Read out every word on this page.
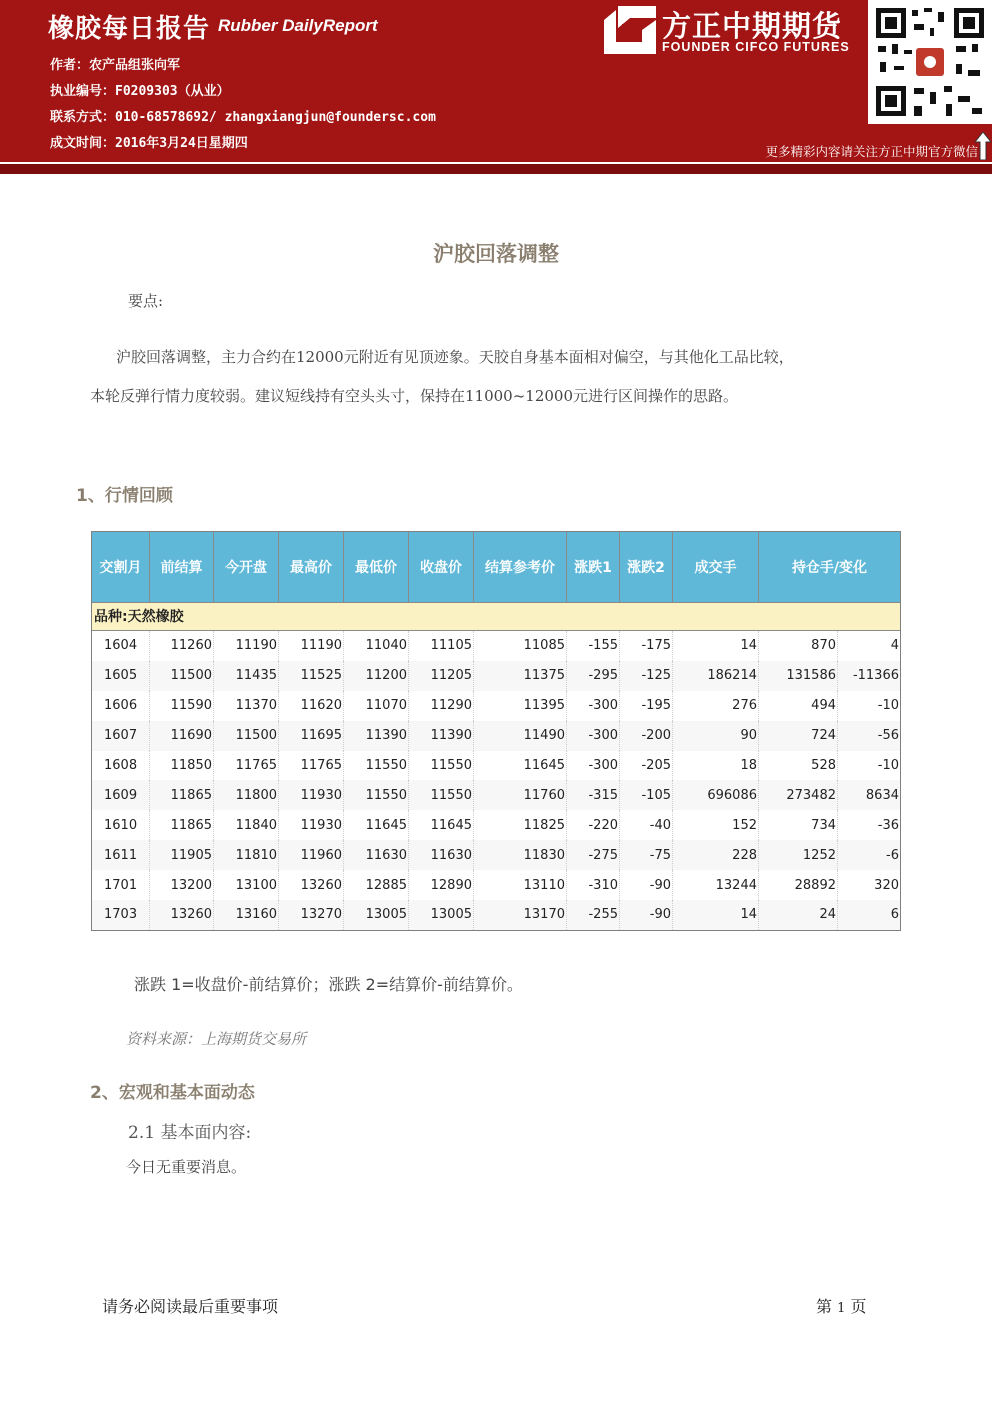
橡胶每日报告 Rubber DailyReport
作者：农产品组张向军
执业编号：F0209303（从业）
联系方式：010-68578692/ zhangxiangjun@foundersc.com
成文时间：2016年3月24日星期四
方正中期期货
FOUNDER CIFCO FUTURES
更多精彩内容请关注方正中期官方微信
沪胶回落调整
要点:
沪胶回落调整，主力合约在12000元附近有见顶迹象。天胶自身基本面相对偏空，与其他化工品比较，
本轮反弹行情力度较弱。建议短线持有空头头寸，保持在11000~12000元进行区间操作的思路。
1、行情回顾
交割月	前结算	今开盘	最高价	最低价	收盘价	结算参考价	涨跌1	涨跌2	成交手	持仓手/变化
品种:天然橡胶
1604	11260	11190	11190	11040	11105	11085	-155	-175	14	870	4
1605	11500	11435	11525	11200	11205	11375	-295	-125	186214	131586	-11366
1606	11590	11370	11620	11070	11290	11395	-300	-195	276	494	-10
1607	11690	11500	11695	11390	11390	11490	-300	-200	90	724	-56
1608	11850	11765	11765	11550	11550	11645	-300	-205	18	528	-10
1609	11865	11800	11930	11550	11550	11760	-315	-105	696086	273482	8634
1610	11865	11840	11930	11645	11645	11825	-220	-40	152	734	-36
1611	11905	11810	11960	11630	11630	11830	-275	-75	228	1252	-6
1701	13200	13100	13260	12885	12890	13110	-310	-90	13244	28892	320
1703	13260	13160	13270	13005	13005	13170	-255	-90	14	24	6
涨跌 1=收盘价-前结算价；涨跌 2=结算价-前结算价。
资料来源：上海期货交易所
2、宏观和基本面动态
2.1 基本面内容:
今日无重要消息。
请务必阅读最后重要事项	第 1 页
